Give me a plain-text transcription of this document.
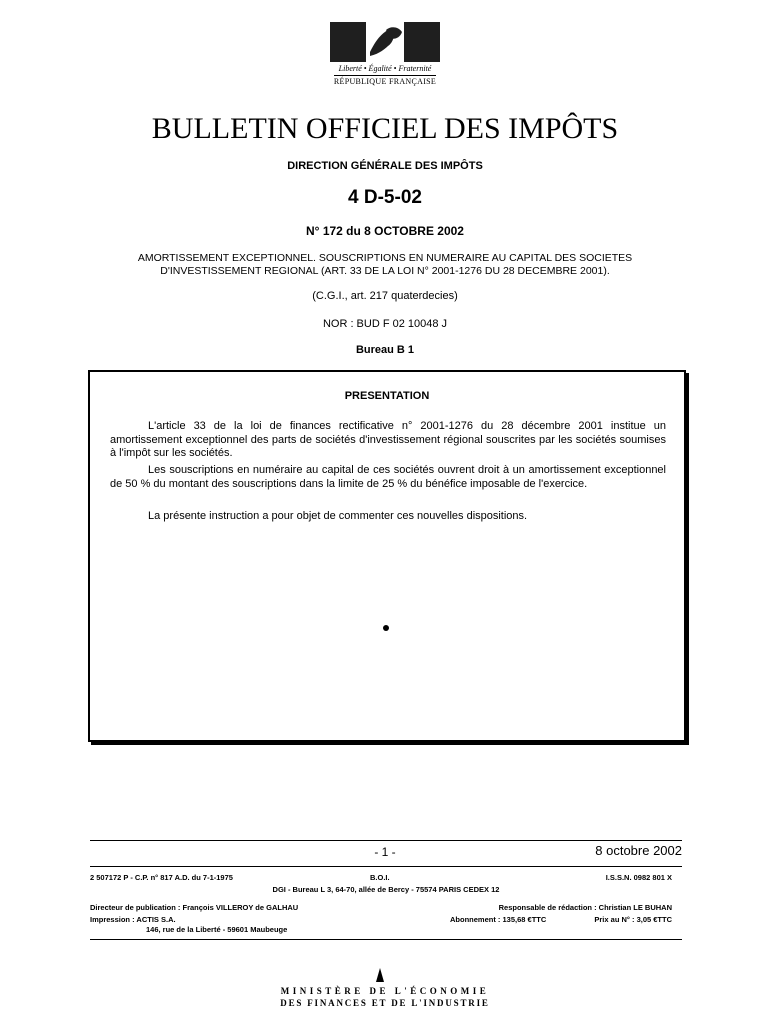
Liberté • Égalité • Fraternité
RÉPUBLIQUE FRANÇAISE
BULLETIN OFFICIEL DES IMPÔTS
DIRECTION GÉNÉRALE DES IMPÔTS
4 D-5-02
N° 172 du 8 OCTOBRE 2002
AMORTISSEMENT EXCEPTIONNEL. SOUSCRIPTIONS EN NUMERAIRE AU CAPITAL DES SOCIETES
D'INVESTISSEMENT REGIONAL (ART. 33 DE LA LOI N° 2001-1276 DU 28 DECEMBRE 2001).
(C.G.I., art. 217 quaterdecies)
NOR : BUD F 02 10048 J
Bureau B 1
PRESENTATION

L'article 33 de la loi de finances rectificative n° 2001-1276 du 28 décembre 2001 institue un amortissement exceptionnel des parts de sociétés d'investissement régional souscrites par les sociétés soumises à l'impôt sur les sociétés.

Les souscriptions en numéraire au capital de ces sociétés ouvrent droit à un amortissement exceptionnel de 50 % du montant des souscriptions dans la limite de 25 % du bénéfice imposable de l'exercice.

La présente instruction a pour objet de commenter ces nouvelles dispositions.

- 1 -	8 octobre 2002
2 507172 P - C.P. n° 817 A.D. du 7-1-1975	B.O.I.	I.S.S.N. 0982 801 X
DGI - Bureau L 3, 64-70, allée de Bercy - 75574 PARIS CEDEX 12
Directeur de publication : François VILLEROY de GALHAU	Responsable de rédaction : Christian LE BUHAN
Impression : ACTIS S.A.	Abonnement : 135,68 €TTC	Prix au N° : 3,05 €TTC
146, rue de la Liberté - 59601 Maubeuge
MINISTÈRE DE L'ÉCONOMIE
DES FINANCES ET DE L'INDUSTRIE
